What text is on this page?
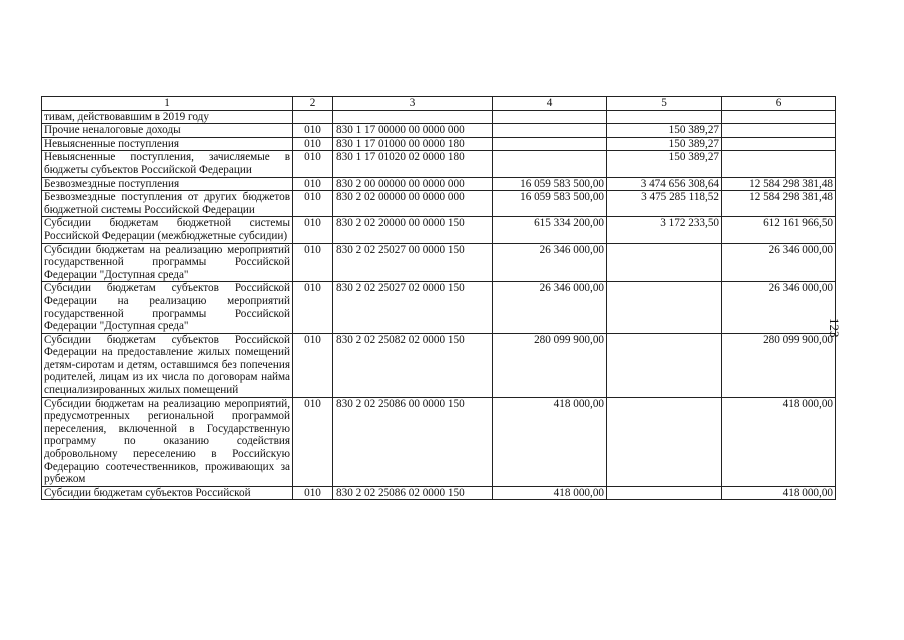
1	2	3	4	5	6
тивам, действовавшим в 2019 году					
Прочие неналоговые доходы	010	830 1 17 00000 00 0000 000		150 389,27	
Невыясненные поступления	010	830 1 17 01000 00 0000 180		150 389,27	
Невыясненные поступления, зачисляемые в бюджеты субъектов Российской Федерации	010	830 1 17 01020 02 0000 180		150 389,27	
Безвозмездные поступления	010	830 2 00 00000 00 0000 000	16 059 583 500,00	3 474 656 308,64	12 584 298 381,48
Безвозмездные поступления от других бюджетов бюджетной системы Российской Федерации	010	830 2 02 00000 00 0000 000	16 059 583 500,00	3 475 285 118,52	12 584 298 381,48
Субсидии бюджетам бюджетной системы Российской Федерации (межбюджетные субсидии)	010	830 2 02 20000 00 0000 150	615 334 200,00	3 172 233,50	612 161 966,50
Субсидии бюджетам на реализацию мероприятий государственной программы Российской Федерации "Доступная среда"	010	830 2 02 25027 00 0000 150	26 346 000,00		26 346 000,00
Субсидии бюджетам субъектов Российской Федерации на реализацию мероприятий государственной программы Российской Федерации "Доступная среда"	010	830 2 02 25027 02 0000 150	26 346 000,00		26 346 000,00
Субсидии бюджетам субъектов Российской Федерации на предоставление жилых помещений детям-сиротам и детям, оставшимся без попечения родителей, лицам из их числа по договорам найма специализированных жилых помещений	010	830 2 02 25082 02 0000 150	280 099 900,00		280 099 900,00
Субсидии бюджетам на реализацию мероприятий, предусмотренных региональной программой переселения, включенной в Государственную программу по оказанию содействия добровольному переселению в Российскую Федерацию соотечественников, проживающих за рубежом	010	830 2 02 25086 00 0000 150	418 000,00		418 000,00
Субсидии бюджетам субъектов Российской	010	830 2 02 25086 02 0000 150	418 000,00		418 000,00
123
